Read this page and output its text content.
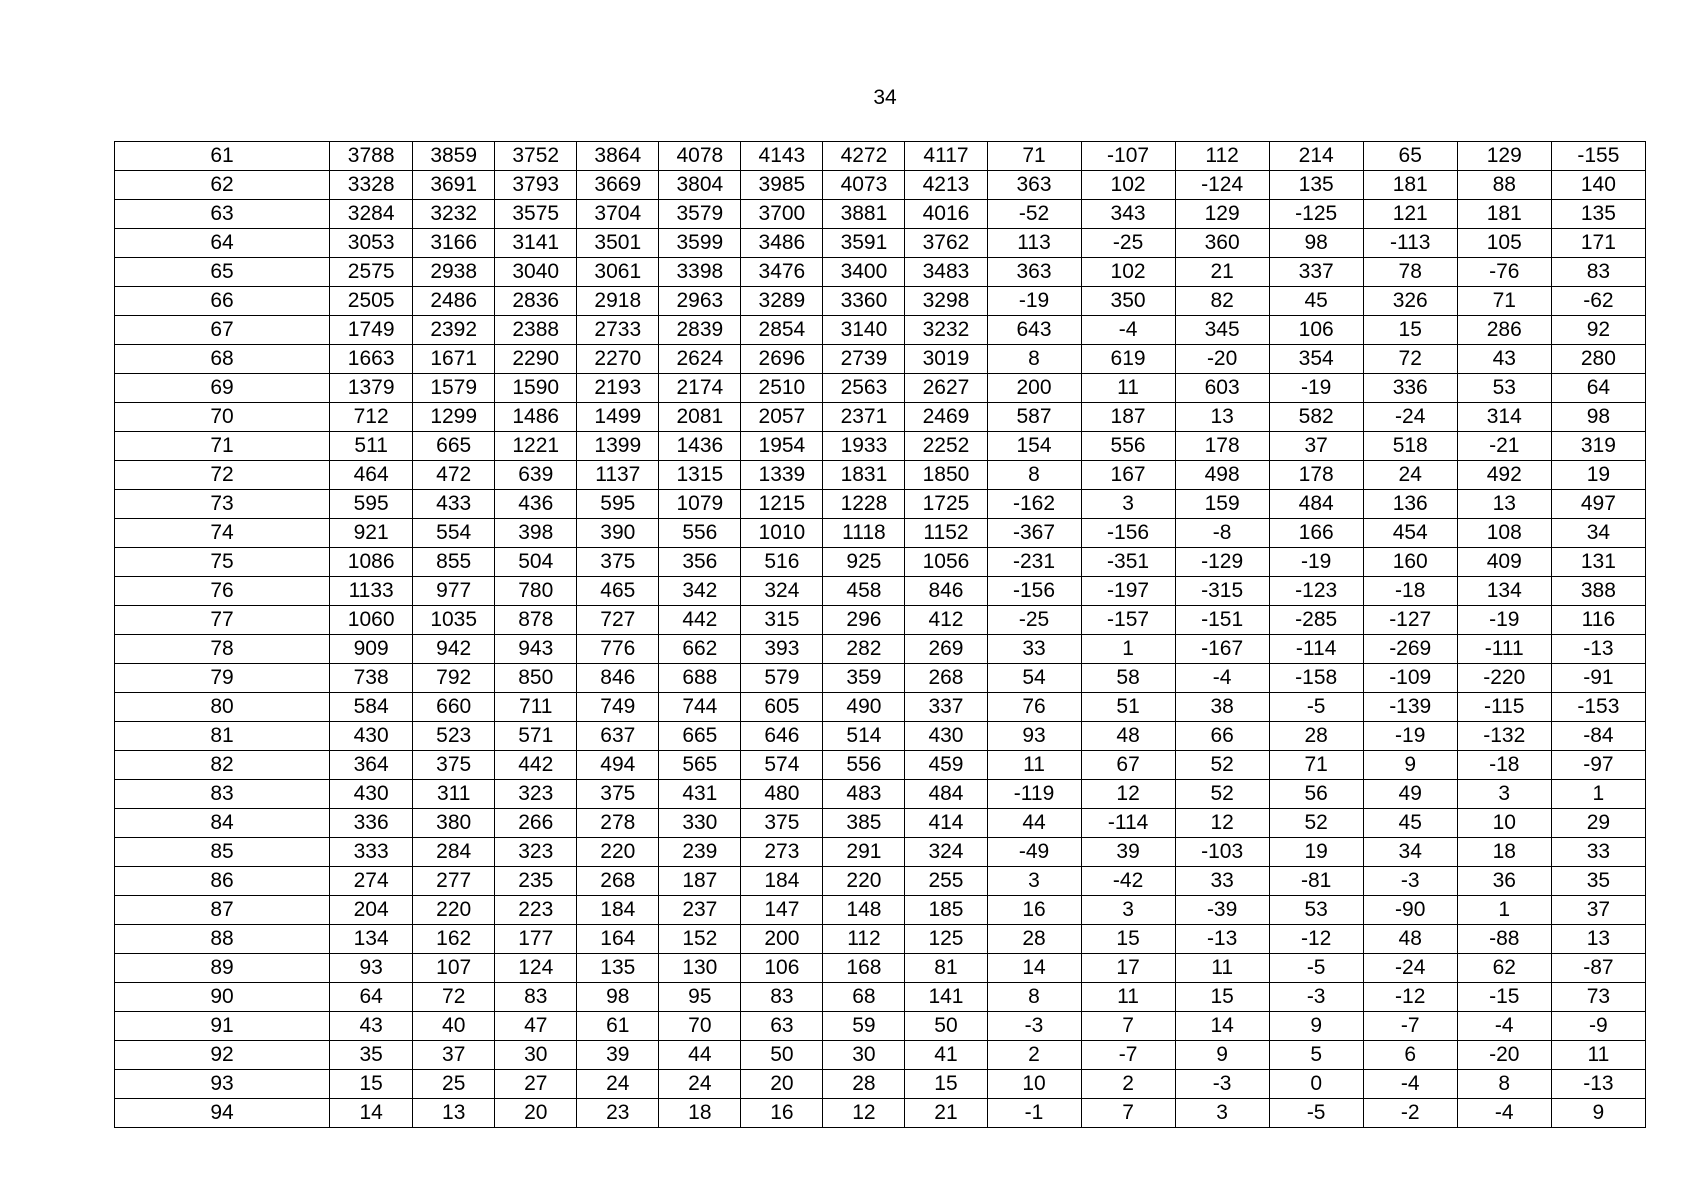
34
61	3788	3859	3752	3864	4078	4143	4272	4117	71	-107	112	214	65	129	-155
62	3328	3691	3793	3669	3804	3985	4073	4213	363	102	-124	135	181	88	140
63	3284	3232	3575	3704	3579	3700	3881	4016	-52	343	129	-125	121	181	135
64	3053	3166	3141	3501	3599	3486	3591	3762	113	-25	360	98	-113	105	171
65	2575	2938	3040	3061	3398	3476	3400	3483	363	102	21	337	78	-76	83
66	2505	2486	2836	2918	2963	3289	3360	3298	-19	350	82	45	326	71	-62
67	1749	2392	2388	2733	2839	2854	3140	3232	643	-4	345	106	15	286	92
68	1663	1671	2290	2270	2624	2696	2739	3019	8	619	-20	354	72	43	280
69	1379	1579	1590	2193	2174	2510	2563	2627	200	11	603	-19	336	53	64
70	712	1299	1486	1499	2081	2057	2371	2469	587	187	13	582	-24	314	98
71	511	665	1221	1399	1436	1954	1933	2252	154	556	178	37	518	-21	319
72	464	472	639	1137	1315	1339	1831	1850	8	167	498	178	24	492	19
73	595	433	436	595	1079	1215	1228	1725	-162	3	159	484	136	13	497
74	921	554	398	390	556	1010	1118	1152	-367	-156	-8	166	454	108	34
75	1086	855	504	375	356	516	925	1056	-231	-351	-129	-19	160	409	131
76	1133	977	780	465	342	324	458	846	-156	-197	-315	-123	-18	134	388
77	1060	1035	878	727	442	315	296	412	-25	-157	-151	-285	-127	-19	116
78	909	942	943	776	662	393	282	269	33	1	-167	-114	-269	-111	-13
79	738	792	850	846	688	579	359	268	54	58	-4	-158	-109	-220	-91
80	584	660	711	749	744	605	490	337	76	51	38	-5	-139	-115	-153
81	430	523	571	637	665	646	514	430	93	48	66	28	-19	-132	-84
82	364	375	442	494	565	574	556	459	11	67	52	71	9	-18	-97
83	430	311	323	375	431	480	483	484	-119	12	52	56	49	3	1
84	336	380	266	278	330	375	385	414	44	-114	12	52	45	10	29
85	333	284	323	220	239	273	291	324	-49	39	-103	19	34	18	33
86	274	277	235	268	187	184	220	255	3	-42	33	-81	-3	36	35
87	204	220	223	184	237	147	148	185	16	3	-39	53	-90	1	37
88	134	162	177	164	152	200	112	125	28	15	-13	-12	48	-88	13
89	93	107	124	135	130	106	168	81	14	17	11	-5	-24	62	-87
90	64	72	83	98	95	83	68	141	8	11	15	-3	-12	-15	73
91	43	40	47	61	70	63	59	50	-3	7	14	9	-7	-4	-9
92	35	37	30	39	44	50	30	41	2	-7	9	5	6	-20	11
93	15	25	27	24	24	20	28	15	10	2	-3	0	-4	8	-13
94	14	13	20	23	18	16	12	21	-1	7	3	-5	-2	-4	9
